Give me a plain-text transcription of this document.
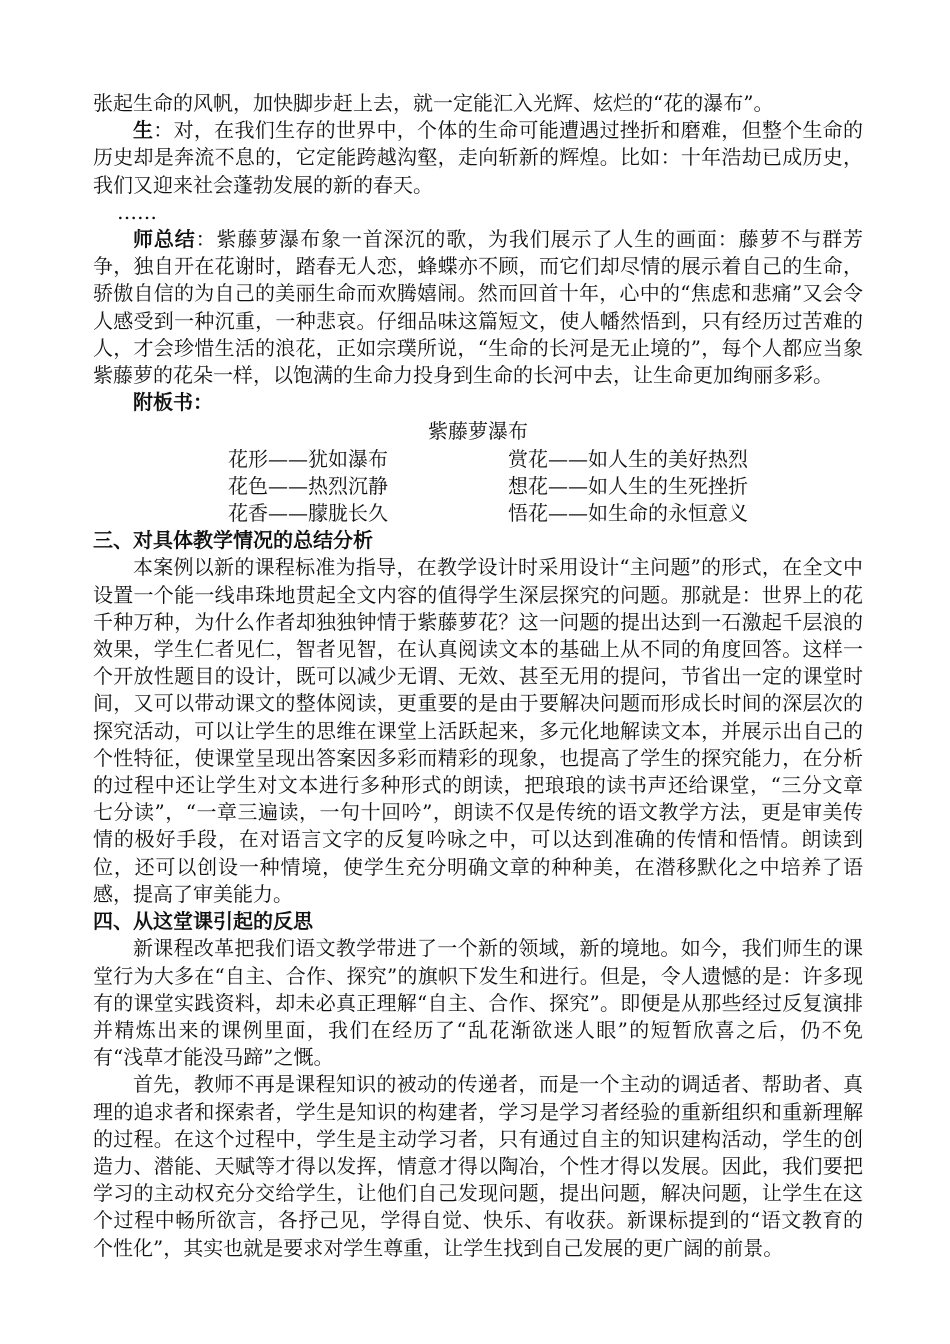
张起生命的风帆，加快脚步赶上去，就一定能汇入光辉、炫烂的“花的瀑布”。

生：对，在我们生存的世界中，个体的生命可能遭遇过挫折和磨难，但整个生命的历史却是奔流不息的，它定能跨越沟壑，走向斩新的辉煌。比如：十年浩劫已成历史，我们又迎来社会蓬勃发展的新的春天。

……

师总结：紫藤萝瀑布象一首深沉的歌，为我们展示了人生的画面：藤萝不与群芳争，独自开在花谢时，踏春无人恋，蜂蝶亦不顾，而它们却尽情的展示着自己的生命，骄傲自信的为自己的美丽生命而欢腾嬉闹。然而回首十年，心中的“焦虑和悲痛”又会令人感受到一种沉重，一种悲哀。仔细品味这篇短文，使人幡然悟到，只有经历过苦难的人，才会珍惜生活的浪花，正如宗璞所说，“生命的长河是无止境的”，每个人都应当象紫藤萝的花朵一样，以饱满的生命力投身到生命的长河中去，让生命更加绚丽多彩。

附板书：

紫藤萝瀑布

花形——犹如瀑布	赏花——如人生的美好热烈
花色——热烈沉静	想花——如人生的生死挫折
花香——朦胧长久	悟花——如生命的永恒意义
三、对具体教学情况的总结分析

本案例以新的课程标准为指导，在教学设计时采用设计“主问题”的形式，在全文中设置一个能一线串珠地贯起全文内容的值得学生深层探究的问题。那就是：世界上的花千种万种，为什么作者却独独钟情于紫藤萝花？这一问题的提出达到一石激起千层浪的效果，学生仁者见仁，智者见智，在认真阅读文本的基础上从不同的角度回答。这样一个开放性题目的设计，既可以减少无谓、无效、甚至无用的提问，节省出一定的课堂时间，又可以带动课文的整体阅读，更重要的是由于要解决问题而形成长时间的深层次的探究活动，可以让学生的思维在课堂上活跃起来，多元化地解读文本，并展示出自己的个性特征，使课堂呈现出答案因多彩而精彩的现象，也提高了学生的探究能力，在分析的过程中还让学生对文本进行多种形式的朗读，把琅琅的读书声还给课堂，“三分文章七分读”，“一章三遍读，一句十回吟”，朗读不仅是传统的语文教学方法，更是审美传情的极好手段，在对语言文字的反复吟咏之中，可以达到准确的传情和悟情。朗读到位，还可以创设一种情境，使学生充分明确文章的种种美，在潜移默化之中培养了语感，提高了审美能力。

四、从这堂课引起的反思

新课程改革把我们语文教学带进了一个新的领域，新的境地。如今，我们师生的课堂行为大多在“自主、合作、探究”的旗帜下发生和进行。但是，令人遗憾的是：许多现有的课堂实践资料，却未必真正理解“自主、合作、探究”。即便是从那些经过反复演排并精炼出来的课例里面，我们在经历了“乱花渐欲迷人眼”的短暂欣喜之后，仍不免有“浅草才能没马蹄”之慨。

首先，教师不再是课程知识的被动的传递者，而是一个主动的调适者、帮助者、真理的追求者和探索者，学生是知识的构建者，学习是学习者经验的重新组织和重新理解的过程。在这个过程中，学生是主动学习者，只有通过自主的知识建构活动，学生的创造力、潜能、天赋等才得以发挥，情意才得以陶冶，个性才得以发展。因此，我们要把学习的主动权充分交给学生，让他们自己发现问题，提出问题，解决问题，让学生在这个过程中畅所欲言，各抒己见，学得自觉、快乐、有收获。新课标提到的“语文教育的个性化”，其实也就是要求对学生尊重，让学生找到自己发展的更广阔的前景。
